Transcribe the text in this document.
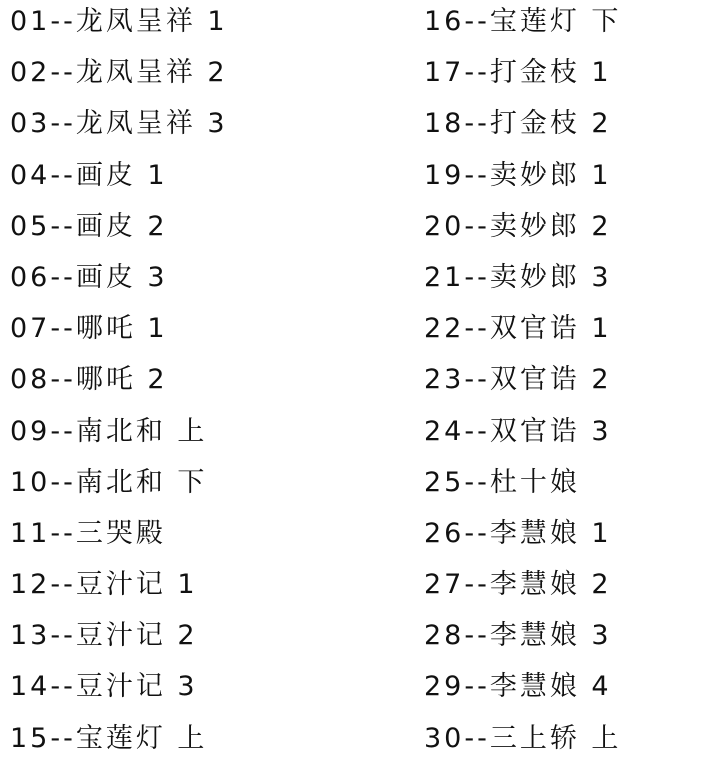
01--龙凤呈祥 1
02--龙凤呈祥 2
03--龙凤呈祥 3
04--画皮 1
05--画皮 2
06--画皮 3
07--哪吒 1
08--哪吒 2
09--南北和 上
10--南北和 下
11--三哭殿
12--豆汁记 1
13--豆汁记 2
14--豆汁记 3
15--宝莲灯 上
16--宝莲灯 下
17--打金枝 1
18--打金枝 2
19--卖妙郎 1
20--卖妙郎 2
21--卖妙郎 3
22--双官诰 1
23--双官诰 2
24--双官诰 3
25--杜十娘
26--李慧娘 1
27--李慧娘 2
28--李慧娘 3
29--李慧娘 4
30--三上轿 上
